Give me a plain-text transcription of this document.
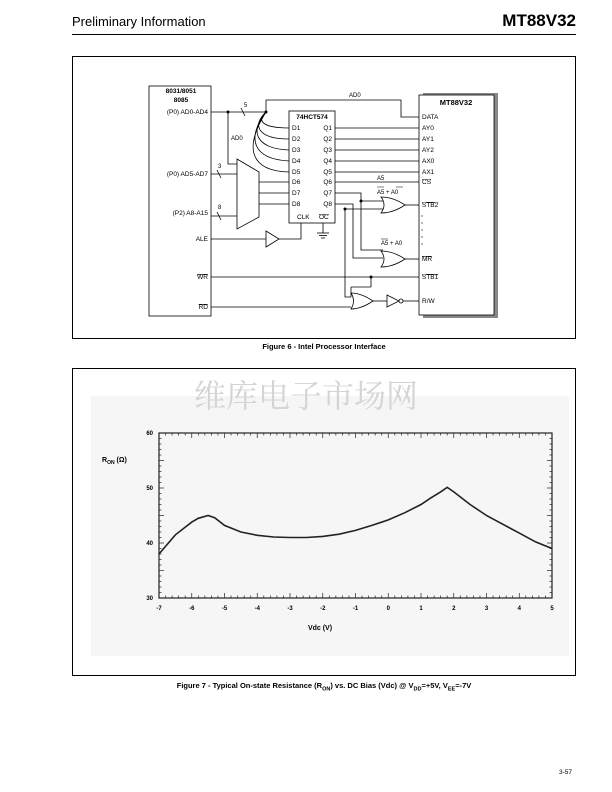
Preliminary Information	MT88V32
8031/8051
8085
(P0) AD0-AD4
(P0) AD5-AD7
(P2) A8-A15
ALE
WR
RD
AD0
AD0
5
3
8
A5
A5 + A0
A5 + A0
74HCT574
D1
D2
D3
D4
D5
D6
D7
D8
Q1
Q2
Q3
Q4
Q5
Q6
Q7
Q8
CLK OC
MT88V32
DATA
AY0
AY1
AY2
AX0
AX1
CS
STB2
MR
STB1
R/W
Figure 6 - Intel Processor Interface
维库电子市场网
-7	-6	-5	-4	-3	-2	-1	0	1	2	3	4	5
30
40
50
60
Vdc (V)
$R_{ON}$ (Ω)
Figure 7 - Typical On-state Resistance $(R_{ON})$ vs. DC Bias (Vdc) @ $V_{DD}=+5V$, $V_{EE}=-7V$
3-57
